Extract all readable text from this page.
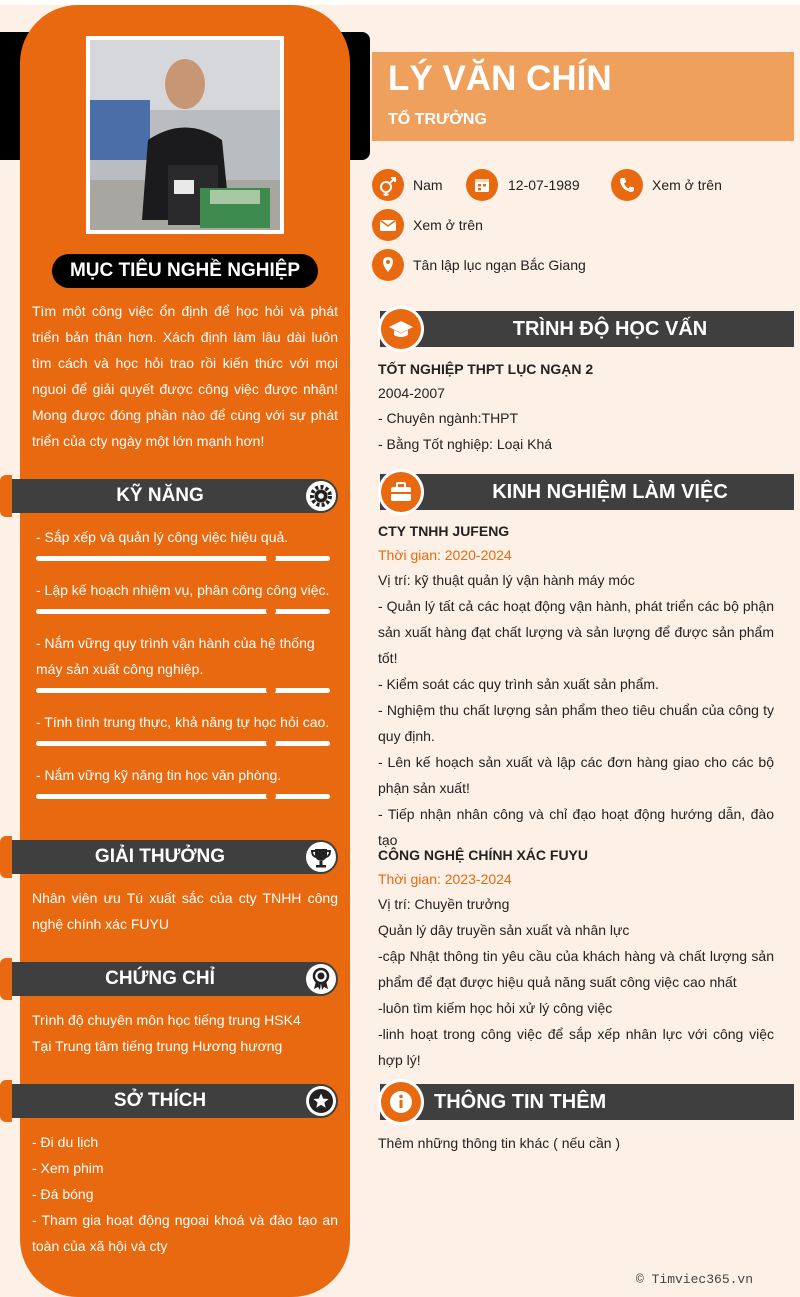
MỤC TIÊU NGHỀ NGHIỆP
Tìm một công việc ổn định để học hỏi và phát triển bản thân hơn. Xách định làm lâu dài luôn tìm cách và học hỏi trao rồi kiến thức với mọi nguoi để giải quyết được công việc được nhận! Mong được đóng phần nào để cùng với sự phát triển của cty ngày một lớn mạnh hơn!
KỸ NĂNG
- Sắp xếp và quản lý công việc hiệu quả.
- Lập kế hoạch nhiệm vụ, phân công công việc.
- Nắm vững quy trình vận hành của hệ thống máy sản xuất công nghiệp.
- Tính tình trung thực, khả năng tự học hỏi cao.
- Nắm vững kỹ năng tin học văn phòng.
GIẢI THƯỞNG
Nhân viên ưu Tú xuất sắc của cty TNHH công nghệ chính xác FUYU
CHỨNG CHỈ
Trình độ chuyên môn học tiếng trung HSK4
Tại Trung tâm tiếng trung Hương hương
SỞ THÍCH
- Đi du lịch
- Xem phim
- Đá bóng
- Tham gia hoạt động ngoại khoá và đào tạo an toàn của xã hội và cty
LÝ VĂN CHÍN
TỔ TRƯỞNG
Nam	12-07-1989	Xem ở trên
Xem ở trên
Tân lập lục ngạn Bắc Giang
TRÌNH ĐỘ HỌC VẤN
TỐT NGHIỆP THPT LỤC NGẠN 2
2004-2007
- Chuyên ngành:THPT
- Bằng Tốt nghiệp: Loại Khá
KINH NGHIỆM LÀM VIỆC
CTY TNHH JUFENG
Thời gian: 2020-2024
Vị trí: kỹ thuật quản lý vận hành máy móc
- Quản lý tất cả các hoạt động vận hành, phát triển các bộ phận sản xuất hàng đạt chất lượng và sản lượng để được sản phẩm tốt!
- Kiểm soát các quy trình sản xuất sản phẩm.
- Nghiệm thu chất lượng sản phẩm theo tiêu chuẩn của công ty quy định.
- Lên kế hoạch sản xuất và lập các đơn hàng giao cho các bộ phận sản xuất!
- Tiếp nhận nhân công và chỉ đạo hoạt động hướng dẫn, đào tạo
CÔNG NGHỆ CHÍNH XÁC FUYU
Thời gian: 2023-2024
Vị trí: Chuyền trưởng
Quản lý dây truyền sản xuất và nhân lực
-cập Nhật thông tin yêu cầu của khách hàng và chất lượng sản phẩm để đạt được hiệu quả năng suất công việc cao nhất
-luôn tìm kiếm học hỏi xử lý công việc
-linh hoạt trong công việc để sắp xếp nhân lực với công việc hợp lý!
THÔNG TIN THÊM
Thêm những thông tin khác ( nếu cần )
© Timviec365.vn
